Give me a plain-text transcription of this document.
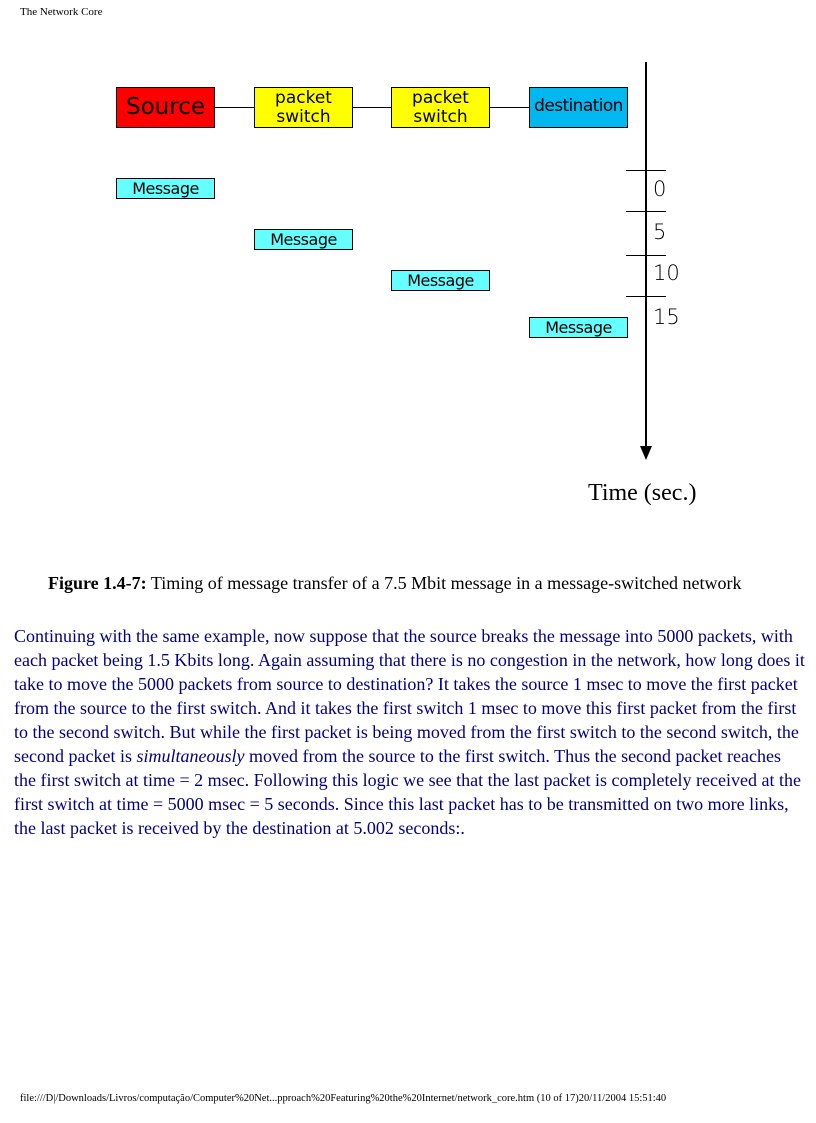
The Network Core
Source	packet
switch
packet
switch
destination
Message
Message
Message
Message
0
5
10
15
Time (sec.)
Figure 1.4-7: Timing of message transfer of a 7.5 Mbit message in a message-switched network
Continuing with the same example, now suppose that the source breaks the message into 5000 packets, with each packet being 1.5 Kbits long. Again assuming that there is no congestion in the network, how long does it take to move the 5000 packets from source to destination? It takes the source 1 msec to move the first packet from the source to the first switch. And it takes the first switch 1 msec to move this first packet from the first to the second switch. But while the first packet is being moved from the first switch to the second switch, the second packet is simultaneously moved from the source to the first switch. Thus the second packet reaches the first switch at time = 2 msec. Following this logic we see that the last packet is completely received at the first switch at time = 5000 msec = 5 seconds. Since this last packet has to be transmitted on two more links, the last packet is received by the destination at 5.002 seconds:.
file:///D|/Downloads/Livros/computação/Computer%20Net...pproach%20Featuring%20the%20Internet/network_core.htm (10 of 17)20/11/2004 15:51:40
